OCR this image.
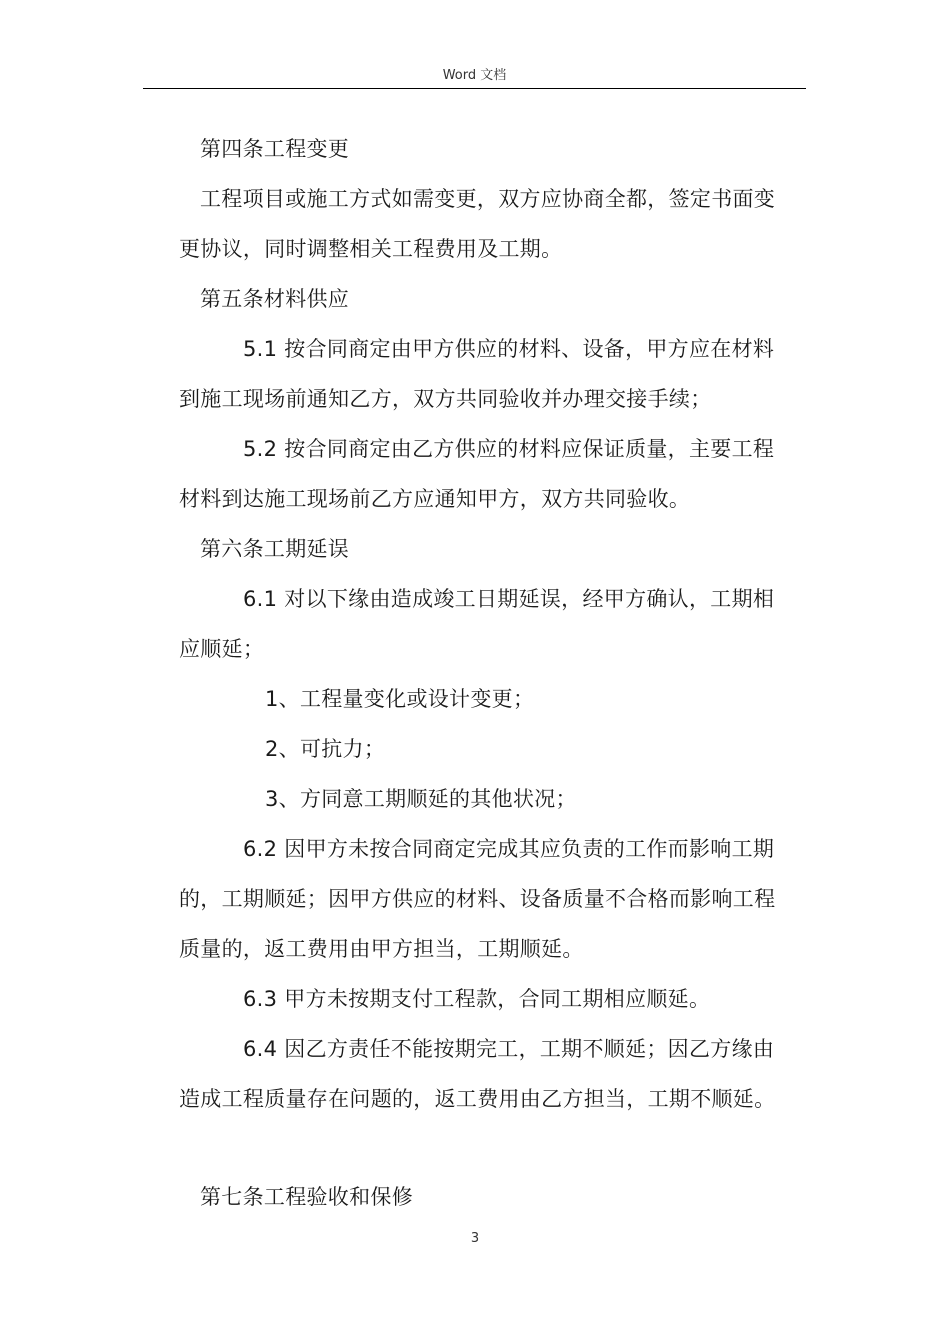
Word 文档
第四条工程变更
工程项目或施工方式如需变更，双方应协商全都，签定书面变
更协议，同时调整相关工程费用及工期。
第五条材料供应
5.1 按合同商定由甲方供应的材料、设备，甲方应在材料
到施工现场前通知乙方，双方共同验收并办理交接手续；
5.2 按合同商定由乙方供应的材料应保证质量，主要工程
材料到达施工现场前乙方应通知甲方，双方共同验收。
第六条工期延误
6.1 对以下缘由造成竣工日期延误，经甲方确认，工期相
应顺延；
1、工程量变化或设计变更；
2、可抗力；
3、方同意工期顺延的其他状况；
6.2 因甲方未按合同商定完成其应负责的工作而影响工期
的，工期顺延；因甲方供应的材料、设备质量不合格而影响工程
质量的，返工费用由甲方担当，工期顺延。
6.3 甲方未按期支付工程款，合同工期相应顺延。
6.4 因乙方责任不能按期完工，工期不顺延；因乙方缘由
造成工程质量存在问题的，返工费用由乙方担当，工期不顺延。
第七条工程验收和保修
3
